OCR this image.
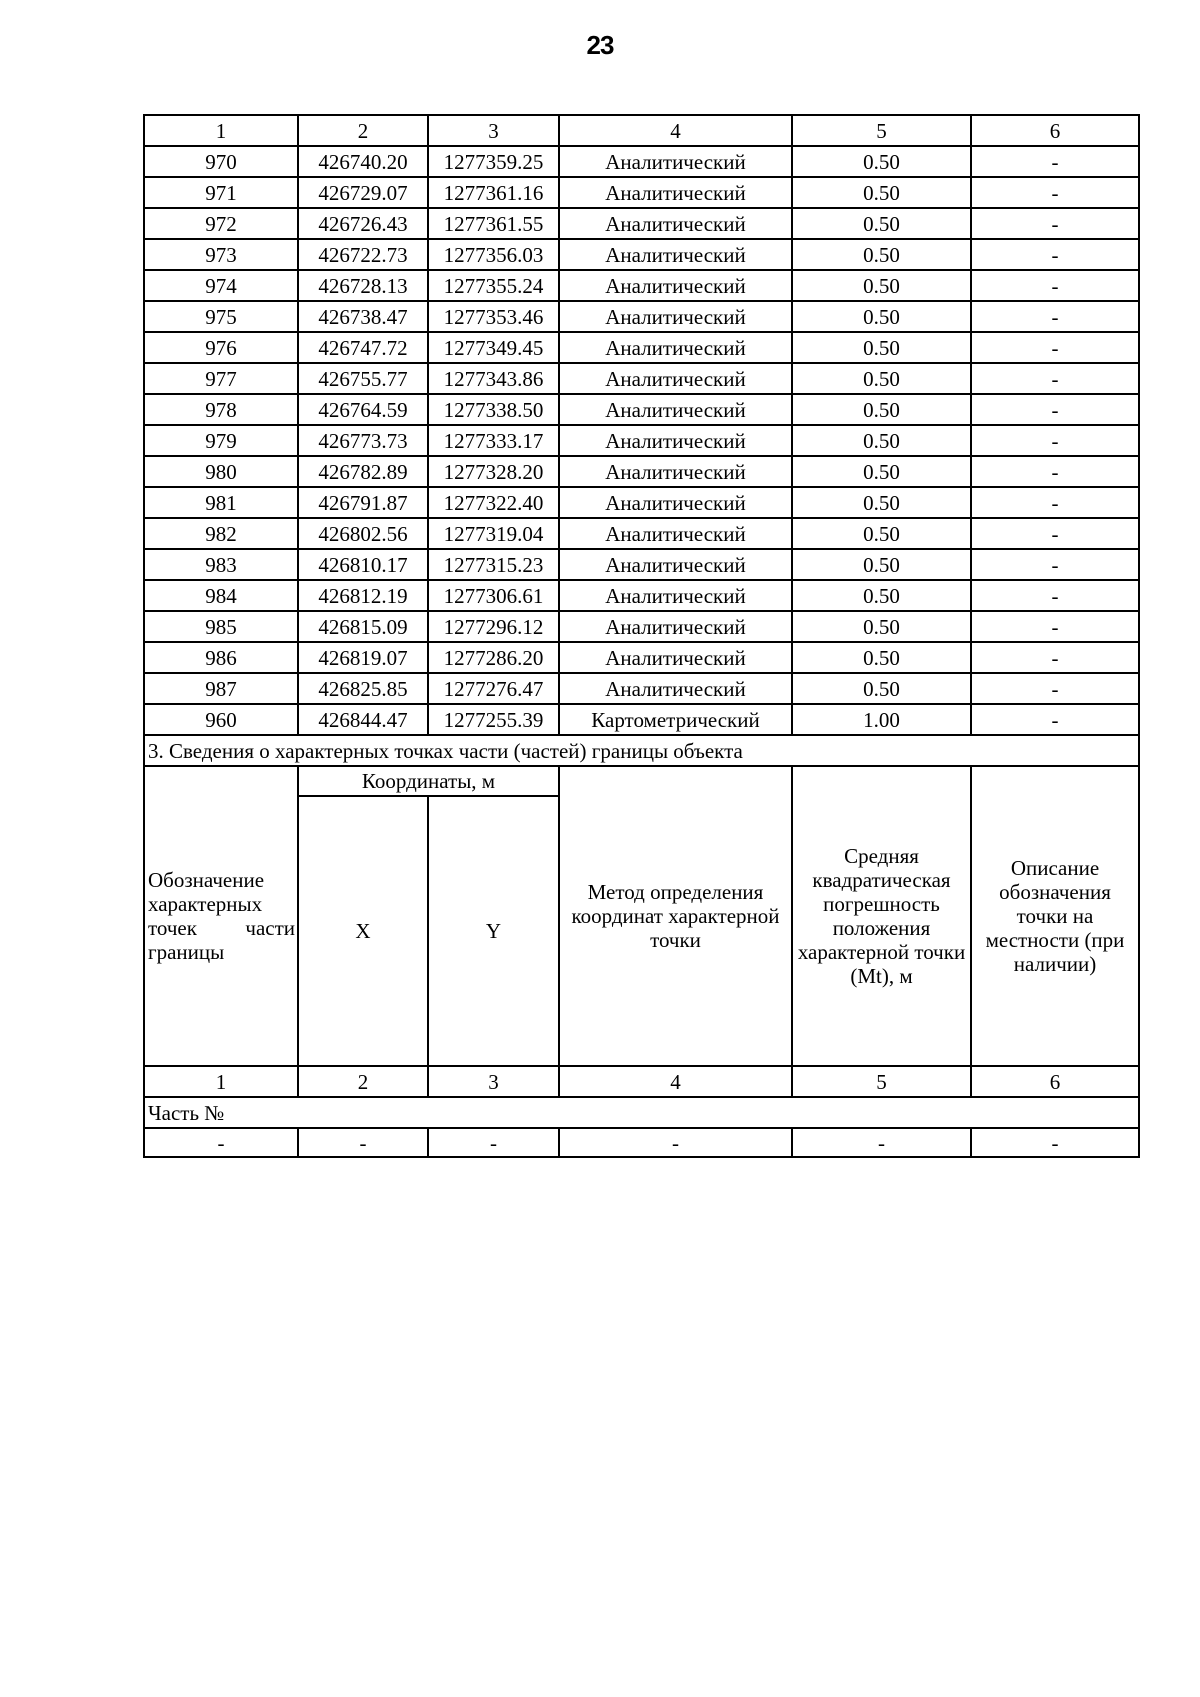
23
1	2	3	4	5	6
970	426740.20	1277359.25	Аналитический	0.50	-
971	426729.07	1277361.16	Аналитический	0.50	-
972	426726.43	1277361.55	Аналитический	0.50	-
973	426722.73	1277356.03	Аналитический	0.50	-
974	426728.13	1277355.24	Аналитический	0.50	-
975	426738.47	1277353.46	Аналитический	0.50	-
976	426747.72	1277349.45	Аналитический	0.50	-
977	426755.77	1277343.86	Аналитический	0.50	-
978	426764.59	1277338.50	Аналитический	0.50	-
979	426773.73	1277333.17	Аналитический	0.50	-
980	426782.89	1277328.20	Аналитический	0.50	-
981	426791.87	1277322.40	Аналитический	0.50	-
982	426802.56	1277319.04	Аналитический	0.50	-
983	426810.17	1277315.23	Аналитический	0.50	-
984	426812.19	1277306.61	Аналитический	0.50	-
985	426815.09	1277296.12	Аналитический	0.50	-
986	426819.07	1277286.20	Аналитический	0.50	-
987	426825.85	1277276.47	Аналитический	0.50	-
960	426844.47	1277255.39	Картометрический	1.00	-
3. Сведения о характерных точках части (частей) границы объекта					
Обозначение характерных точек части границы	Координаты, м		Метод определения координат характерной точки	Средняя квадратическая погрешность положения характерной точки (Mt), м	Описание обозначения точки на местности (при наличии)
	X	Y			
1	2	3	4	5	6
Часть №					
-	-	-	-	-	-
